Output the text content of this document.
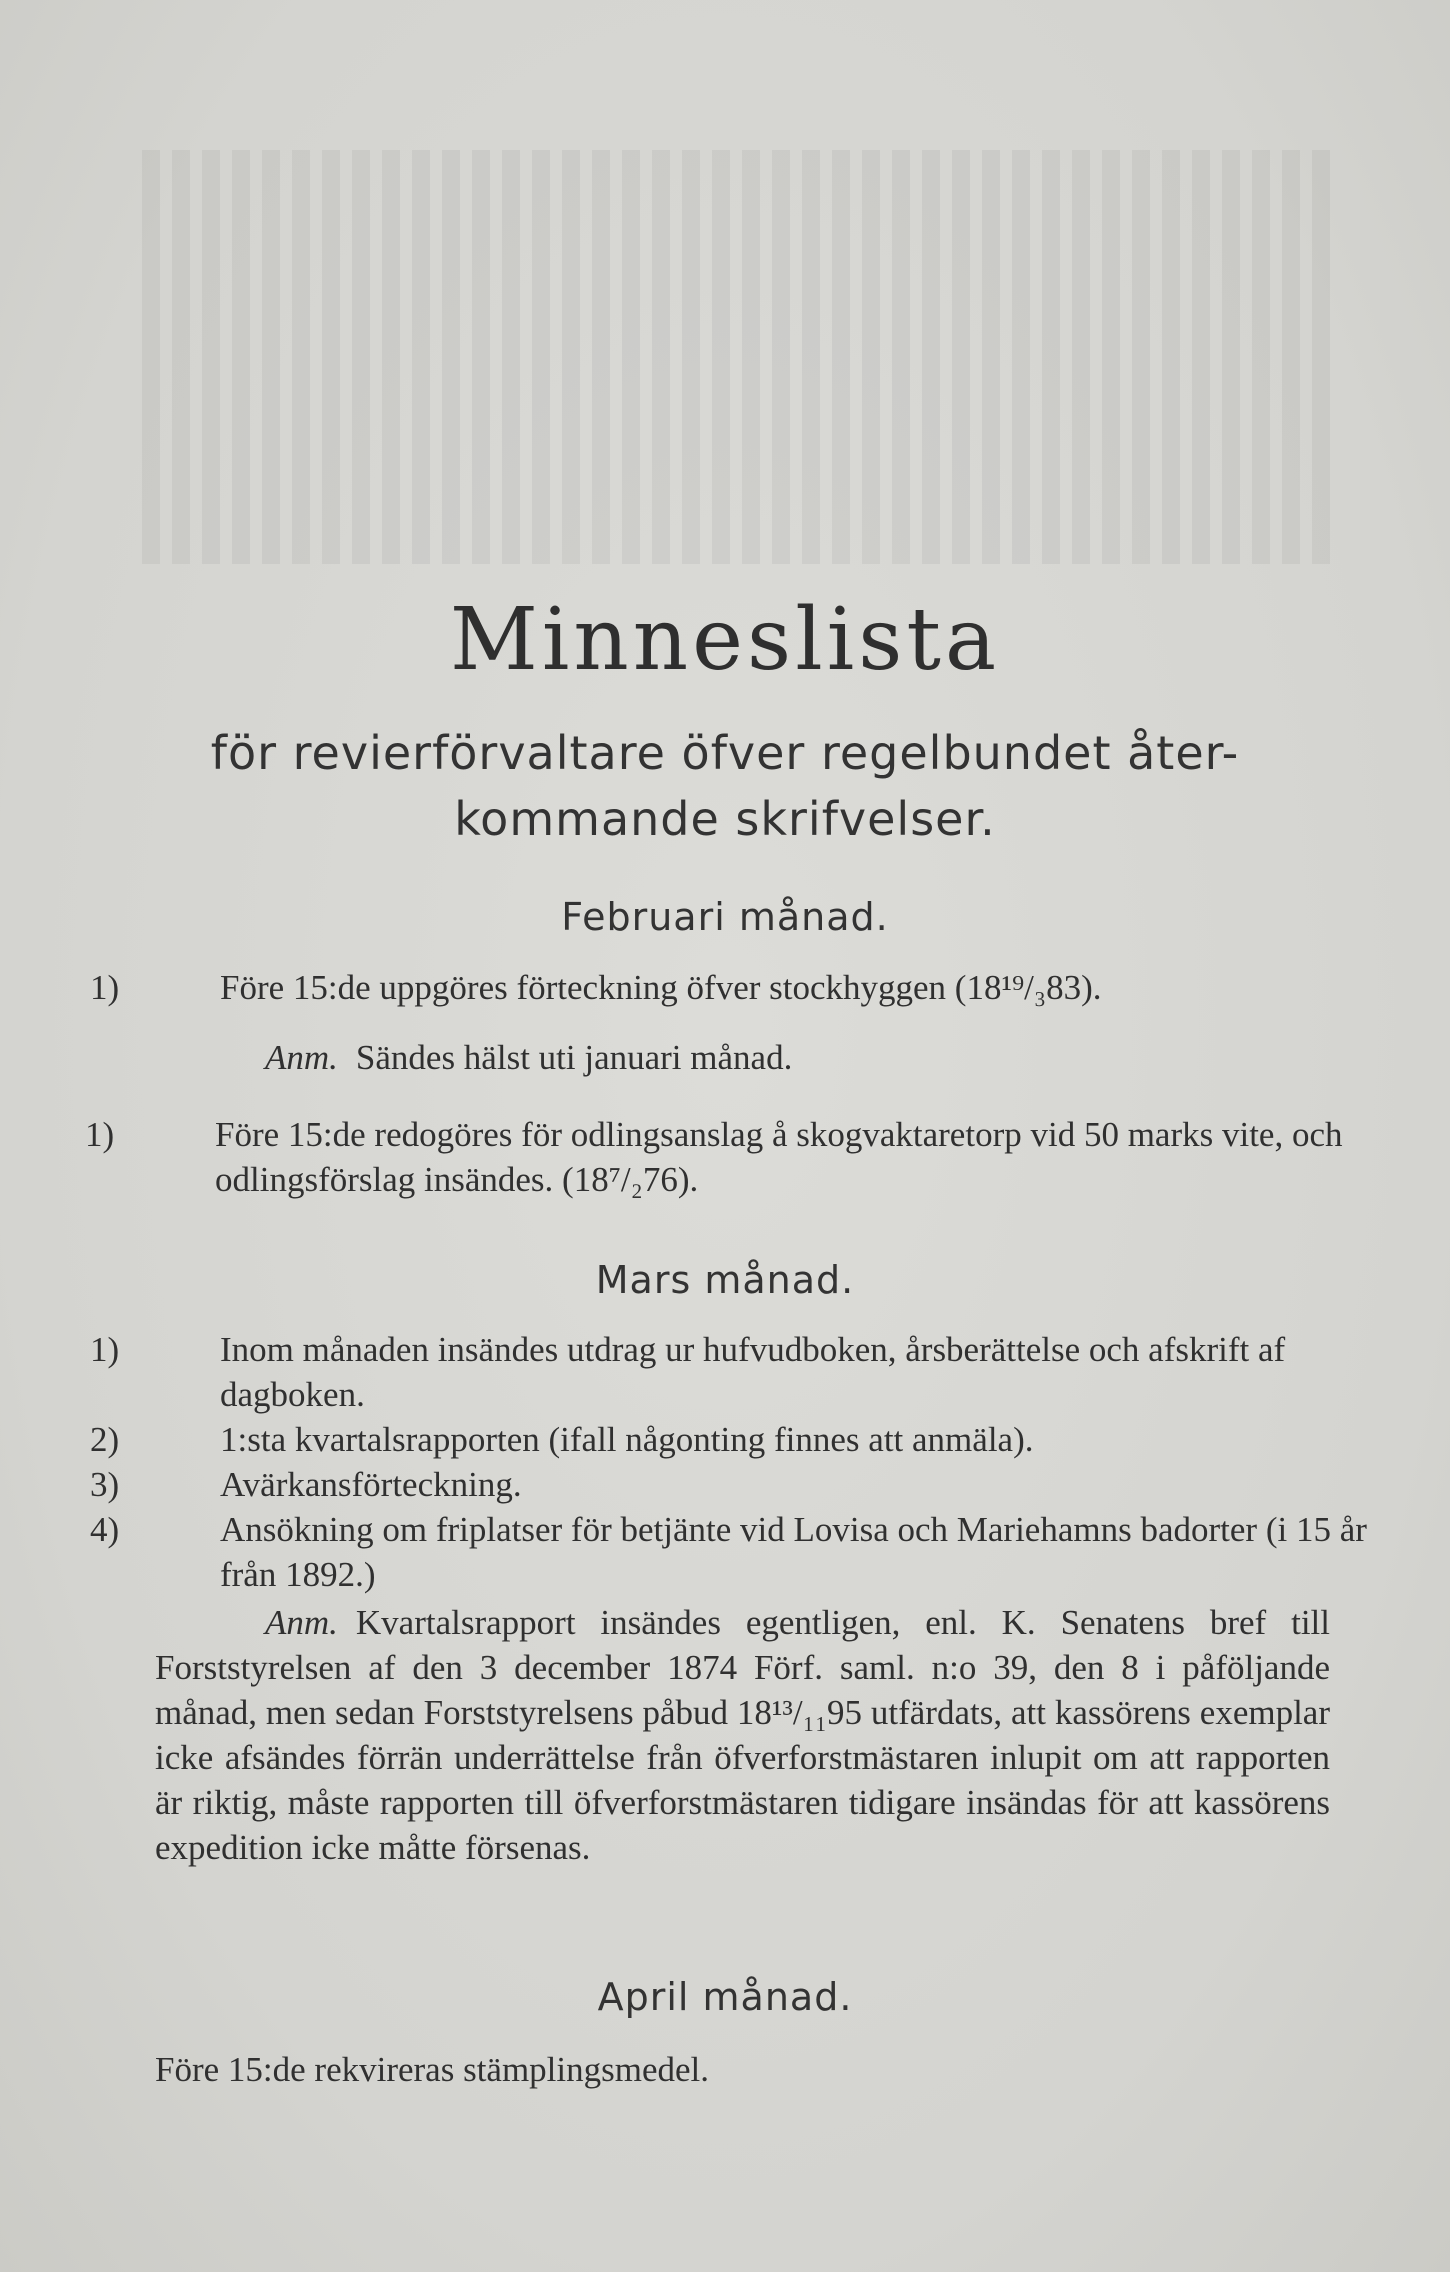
Minneslista
för revierförvaltare öfver regelbundet åter-
kommande skrifvelser.
Februari månad.
1)	Före 15:de uppgöres förteckning öfver stockhyggen (18¹⁹/₃83).
Anm. Sändes hälst uti januari månad.
1)	Före 15:de redogöres för odlingsanslag å skogvaktaretorp vid 50 marks vite, och odlingsförslag insändes. (18⁷/₂76).
Mars månad.
1)	Inom månaden insändes utdrag ur hufvudboken, årsberättelse och afskrift af dagboken.
2)	1:sta kvartalsrapporten (ifall någonting finnes att anmäla).
3)	Avärkansförteckning.
4)	Ansökning om friplatser för betjänte vid Lovisa och Mariehamns badorter (i 15 år från 1892.)
Anm. Kvartalsrapport insändes egentligen, enl. K. Senatens bref till Forststyrelsen af den 3 december 1874 Förf. saml. n:o 39, den 8 i påföljande månad, men sedan Forststyrelsens påbud 18¹³/₁₁95 utfärdats, att kassörens exemplar icke afsändes förrän underrättelse från öfverforstmästaren inlupit om att rapporten är riktig, måste rapporten till öfverforstmästaren tidigare insändas för att kassörens expedition icke måtte försenas.
April månad.
Före 15:de rekvireras stämplingsmedel.
